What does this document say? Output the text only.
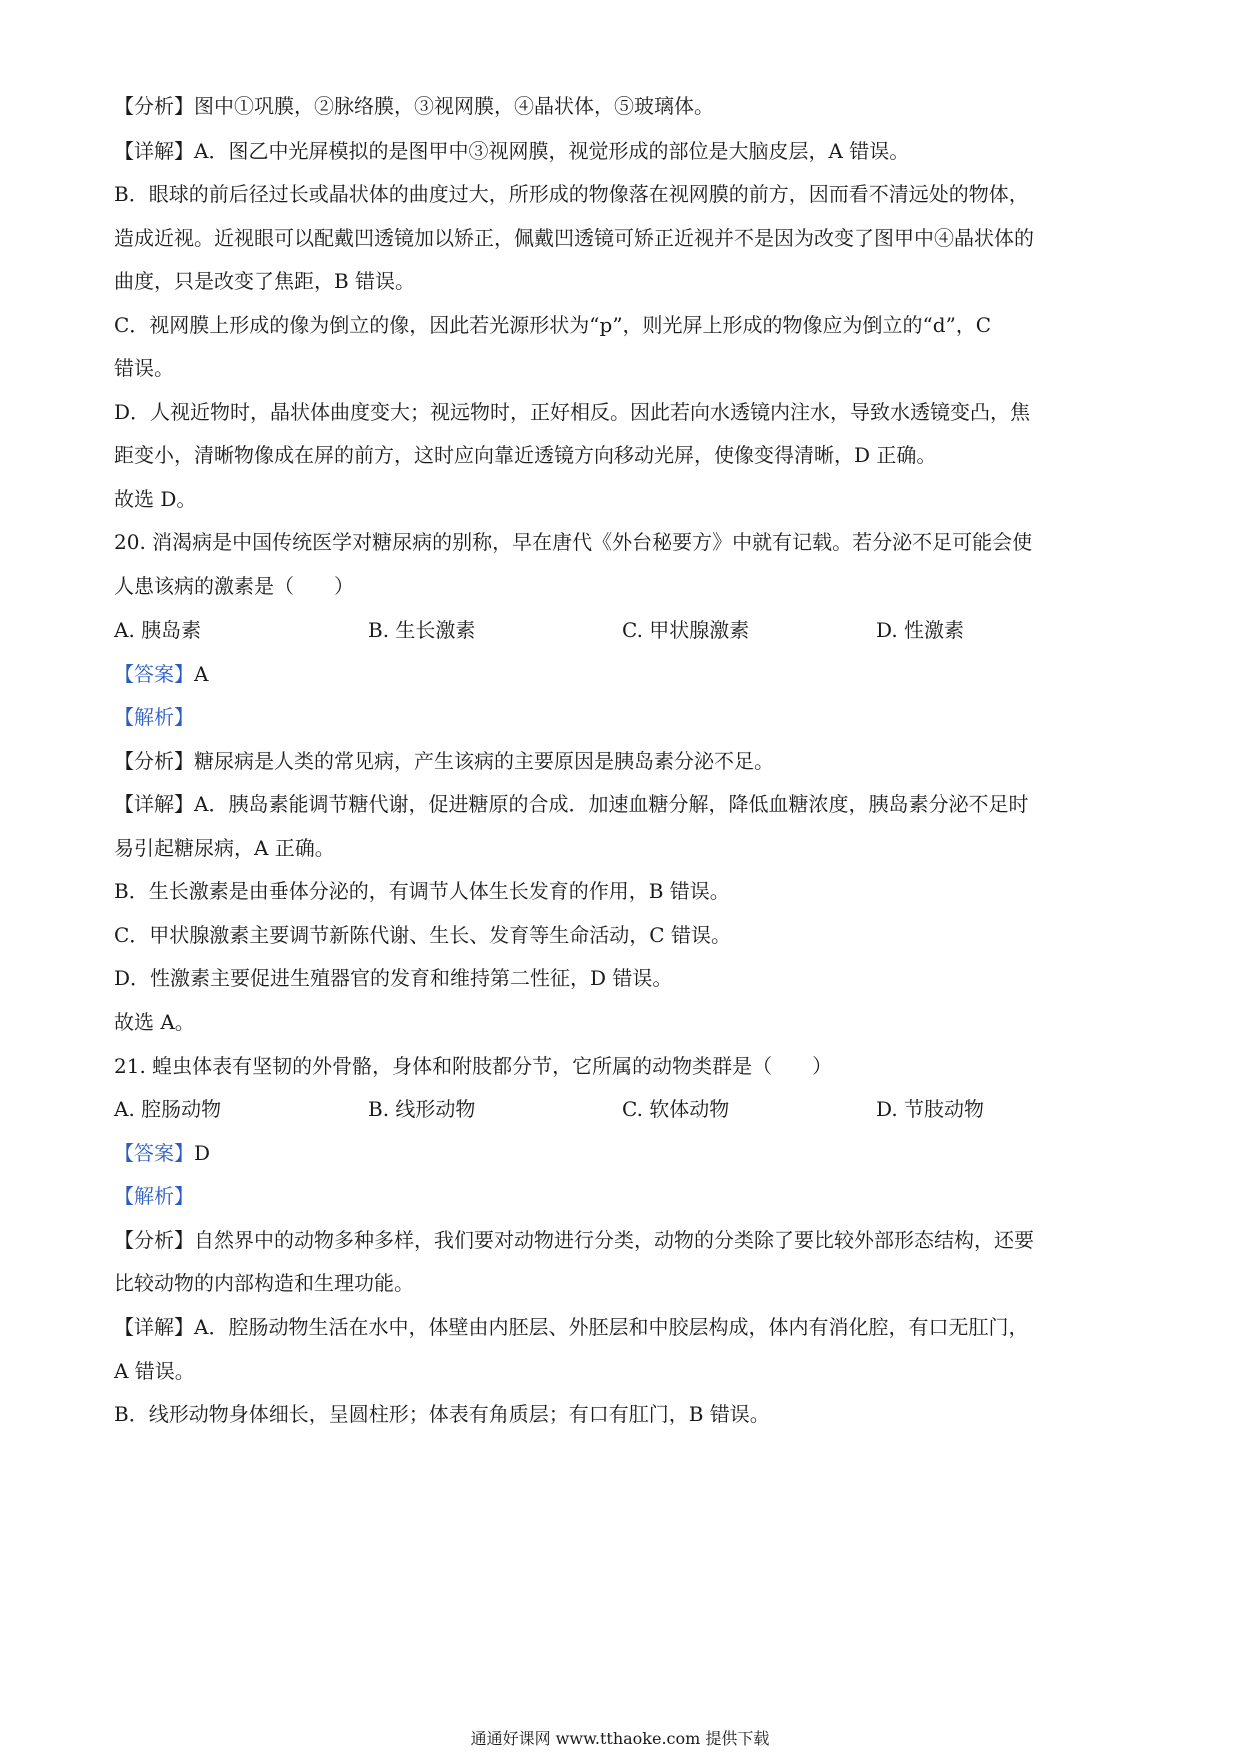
【分析】图中①巩膜，②脉络膜，③视网膜，④晶状体，⑤玻璃体。
【详解】A．图乙中光屏模拟的是图甲中③视网膜，视觉形成的部位是大脑皮层，A 错误。
B．眼球的前后径过长或晶状体的曲度过大，所形成的物像落在视网膜的前方，因而看不清远处的物体，
造成近视。近视眼可以配戴凹透镜加以矫正，佩戴凹透镜可矫正近视并不是因为改变了图甲中④晶状体的
曲度，只是改变了焦距，B 错误。
C．视网膜上形成的像为倒立的像，因此若光源形状为“p”，则光屏上形成的物像应为倒立的“d”，C
错误。
D．人视近物时，晶状体曲度变大；视远物时，正好相反。因此若向水透镜内注水，导致水透镜变凸，焦
距变小，清晰物像成在屏的前方，这时应向靠近透镜方向移动光屏，使像变得清晰，D 正确。
故选 D。
20. 消渴病是中国传统医学对糖尿病的别称，早在唐代《外台秘要方》中就有记载。若分泌不足可能会使
人患该病的激素是（　　）
A. 胰岛素	B. 生长激素	C. 甲状腺激素	D. 性激素
【答案】A
【解析】
【分析】糖尿病是人类的常见病，产生该病的主要原因是胰岛素分泌不足。
【详解】A．胰岛素能调节糖代谢，促进糖原的合成．加速血糖分解，降低血糖浓度，胰岛素分泌不足时
易引起糖尿病，A 正确。
B．生长激素是由垂体分泌的，有调节人体生长发育的作用，B 错误。
C．甲状腺激素主要调节新陈代谢、生长、发育等生命活动，C 错误。
D．性激素主要促进生殖器官的发育和维持第二性征，D 错误。
故选 A。
21. 蝗虫体表有坚韧的外骨骼，身体和附肢都分节，它所属的动物类群是（　　）
A. 腔肠动物	B. 线形动物	C. 软体动物	D. 节肢动物
【答案】D
【解析】
【分析】自然界中的动物多种多样，我们要对动物进行分类，动物的分类除了要比较外部形态结构，还要
比较动物的内部构造和生理功能。
【详解】A．腔肠动物生活在水中，体壁由内胚层、外胚层和中胶层构成，体内有消化腔，有口无肛门，
A 错误。
B．线形动物身体细长，呈圆柱形；体表有角质层；有口有肛门，B 错误。
通通好课网 www.tthaoke.com 提供下载
